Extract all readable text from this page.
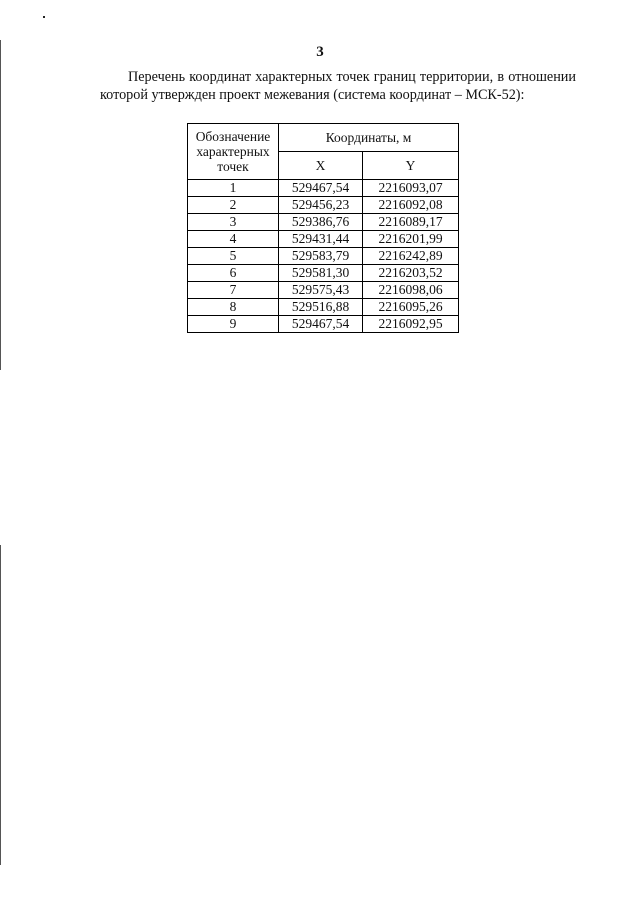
3

Перечень координат характерных точек границ территории, в отношении
которой утвержден проект межевания (система координат – МСК-52):

Обозначение характерных точек	Координаты, м	
	X	Y
1	529467,54	2216093,07
2	529456,23	2216092,08
3	529386,76	2216089,17
4	529431,44	2216201,99
5	529583,79	2216242,89
6	529581,30	2216203,52
7	529575,43	2216098,06
8	529516,88	2216095,26
9	529467,54	2216092,95
